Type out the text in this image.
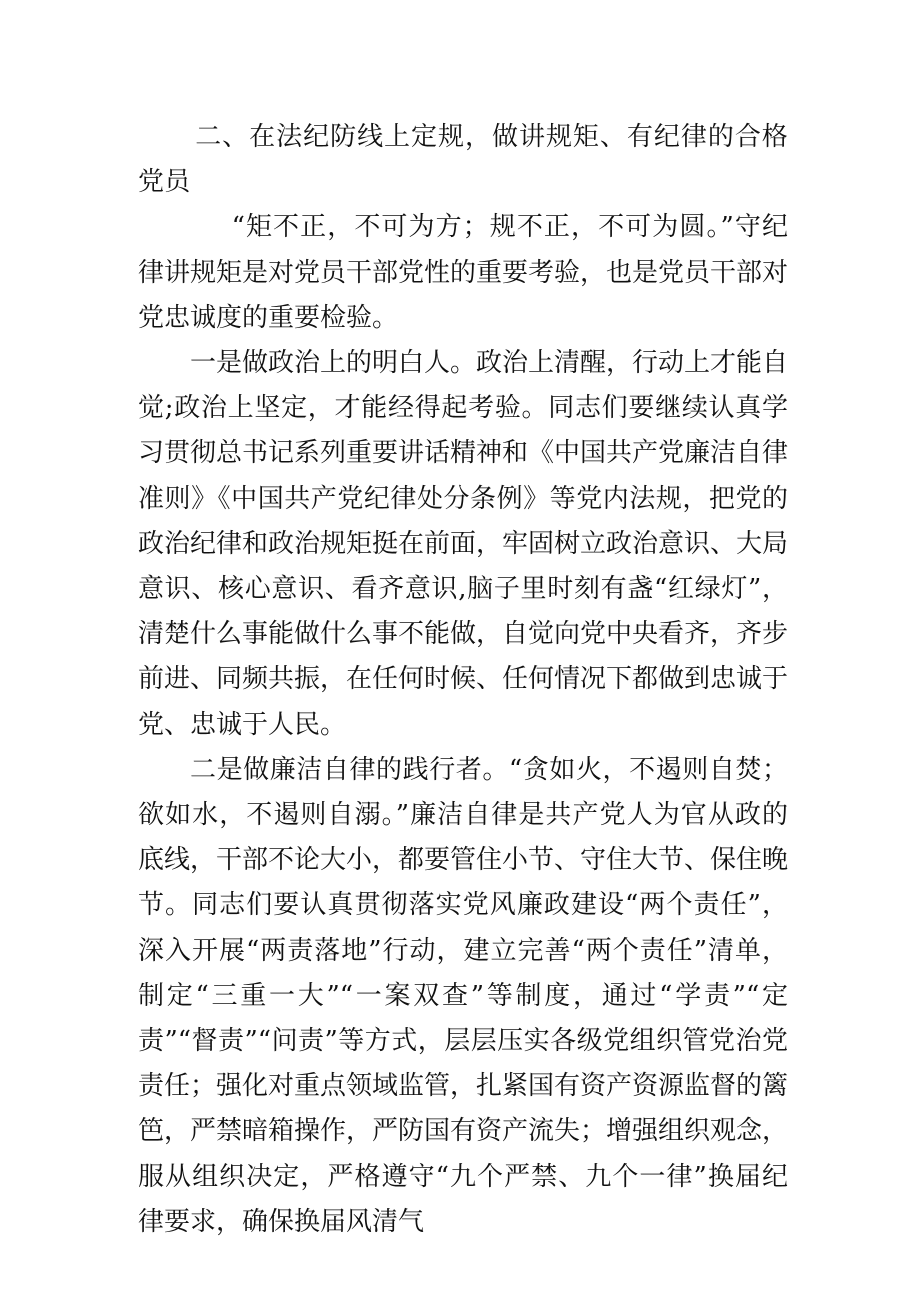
二、在法纪防线上定规，做讲规矩、有纪律的合格党员

“矩不正，不可为方；规不正，不可为圆。”守纪律讲规矩是对党员干部党性的重要考验，也是党员干部对党忠诚度的重要检验。

一是做政治上的明白人。政治上清醒，行动上才能自觉;政治上坚定，才能经得起考验。同志们要继续认真学习贯彻总书记系列重要讲话精神和《中国共产党廉洁自律准则》《中国共产党纪律处分条例》等党内法规，把党的政治纪律和政治规矩挺在前面，牢固树立政治意识、大局意识、核心意识、看齐意识,脑子里时刻有盏“红绿灯”，清楚什么事能做什么事不能做，自觉向党中央看齐，齐步前进、同频共振，在任何时候、任何情况下都做到忠诚于党、忠诚于人民。

二是做廉洁自律的践行者。“贪如火，不遏则自焚；欲如水，不遏则自溺。”廉洁自律是共产党人为官从政的底线，干部不论大小，都要管住小节、守住大节、保住晚节。同志们要认真贯彻落实党风廉政建设“两个责任”，深入开展“两责落地”行动，建立完善“两个责任”清单，制定“三重一大”“一案双查”等制度，通过“学责”“定责”“督责”“问责”等方式，层层压实各级党组织管党治党责任；强化对重点领域监管，扎紧国有资产资源监督的篱笆，严禁暗箱操作，严防国有资产流失；增强组织观念，服从组织决定，严格遵守“九个严禁、九个一律”换届纪律要求，确保换届风清气
